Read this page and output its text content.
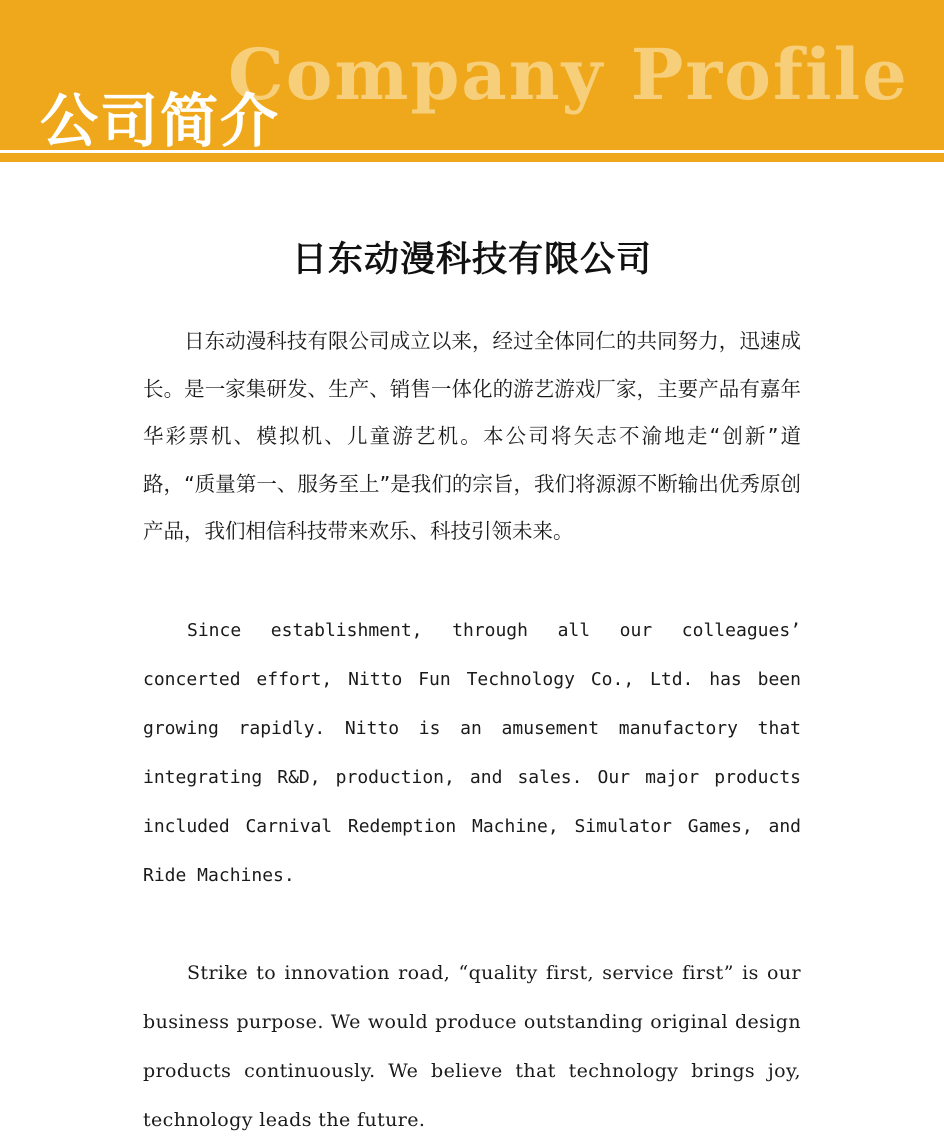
Company Profile
公司简介
日东动漫科技有限公司

日东动漫科技有限公司成立以来，经过全体同仁的共同努力，迅速成长。是一家集研发、生产、销售一体化的游艺游戏厂家，主要产品有嘉年华彩票机、模拟机、儿童游艺机。本公司将矢志不渝地走“创新”道路，“质量第一、服务至上”是我们的宗旨，我们将源源不断输出优秀原创产品，我们相信科技带来欢乐、科技引领未来。

Since establishment, through all our colleagues’ concerted effort, Nitto Fun Technology Co., Ltd. has been growing rapidly. Nitto is an amusement manufactory that integrating R&D, production, and sales. Our major products included Carnival Redemption Machine, Simulator Games, and Ride Machines.

Strike to innovation road, “quality first, service first” is our business purpose. We would produce outstanding original design products continuously. We believe that technology brings joy, technology leads the future.
